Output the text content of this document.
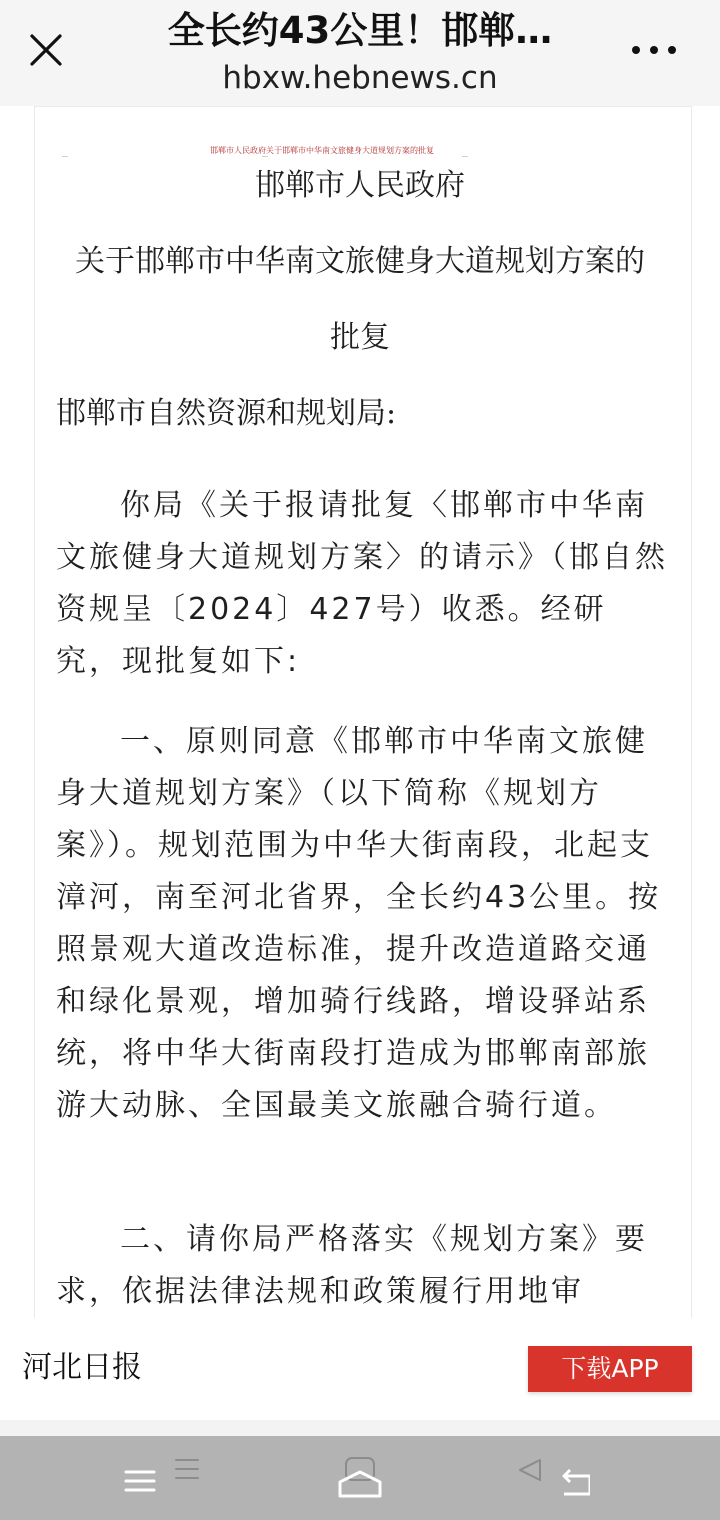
全长约43公里！邯郸…
hbxw.hebnews.cn
邯郸市人民政府关于邯郸市中华南文旅健身大道规划方案的批复
邯郸市人民政府
关于邯郸市中华南文旅健身大道规划方案的
批复
邯郸市自然资源和规划局:
你局《关于报请批复〈邯郸市中华南文旅健身大道规划方案〉的请示》（邯自然资规呈〔2024〕427号）收悉。经研究，现批复如下:
一、原则同意《邯郸市中华南文旅健身大道规划方案》（以下简称《规划方案》）。规划范围为中华大街南段，北起支漳河，南至河北省界，全长约43公里。按照景观大道改造标准，提升改造道路交通和绿化景观，增加骑行线路，增设驿站系统，将中华大街南段打造成为邯郸南部旅游大动脉、全国最美文旅融合骑行道。
二、请你局严格落实《规划方案》要求，依据法律法规和政策履行用地审
河北日报	下载APP
